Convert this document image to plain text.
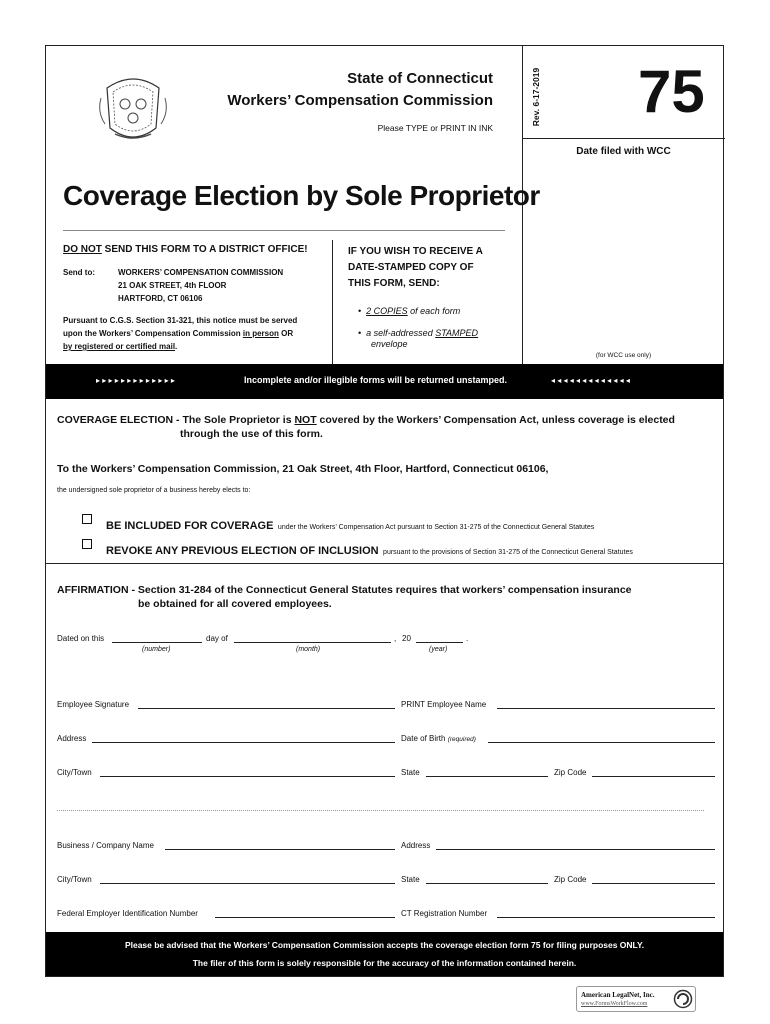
State of Connecticut
Workers’ Compensation Commission
Please TYPE or PRINT IN INK
Rev. 6-17-2019 75
Date filed with WCC
(for WCC use only)
Coverage Election by Sole Proprietor
DO NOT SEND THIS FORM TO A DISTRICT OFFICE!
Send to:	WORKERS’ COMPENSATION COMMISSION
21 OAK STREET, 4th FLOOR
HARTFORD, CT 06106
Pursuant to C.G.S. Section 31-321, this notice must be served
upon the Workers’ Compensation Commission in person OR
by registered or certified mail.
IF YOU WISH TO RECEIVE A
DATE-STAMPED COPY OF
THIS FORM, SEND:
•  2 COPIES of each form
•  a self-addressed STAMPED
envelope
▸ ▸ ▸ ▸ ▸ ▸ ▸ ▸ ▸ ▸ ▸ ▸ ▸	Incomplete and/or illegible forms will be returned unstamped.	◂ ◂ ◂ ◂ ◂ ◂ ◂ ◂ ◂ ◂ ◂ ◂ ◂
COVERAGE ELECTION - The Sole Proprietor is NOT covered by the Workers’ Compensation Act, unless coverage is elected
through the use of this form.
To the Workers’ Compensation Commission, 21 Oak Street, 4th Floor, Hartford, Connecticut 06106,
the undersigned sole proprietor of a business hereby elects to:
BE INCLUDED FOR COVERAGE under the Workers’ Compensation Act pursuant to Section 31-275 of the Connecticut General Statutes
REVOKE ANY PREVIOUS ELECTION OF INCLUSION pursuant to the provisions of Section 31-275 of the Connecticut General Statutes
AFFIRMATION - Section 31-284 of the Connecticut General Statutes requires that workers’ compensation insurance
be obtained for all covered employees.
Dated on this	day of	, 20	.
(number)	(month)	(year)
Employee Signature	PRINT Employee Name
Address	Date of Birth (required)
City/Town	State	Zip Code
Business / Company Name	Address
City/Town	State	Zip Code
Federal Employer Identification Number	CT Registration Number
Please be advised that the Workers’ Compensation Commission accepts the coverage election form 75 for filing purposes ONLY.
The filer of this form is solely responsible for the accuracy of the information contained herein.
American LegalNet, Inc.
www.FormsWorkFlow.com
